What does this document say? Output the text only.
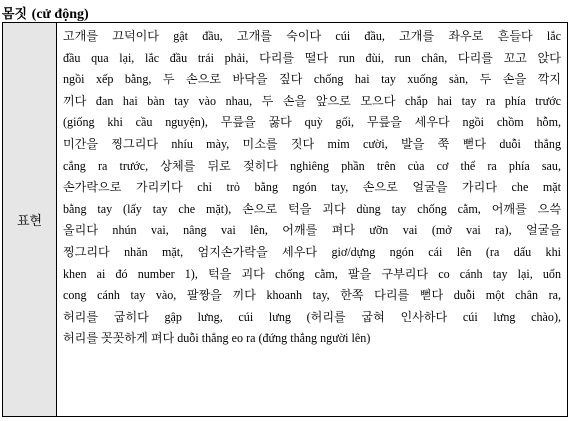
몸짓 (cử động)
표현
고개를 끄덕이다 gật đầu, 고개를 숙이다 cúi đầu, 고개를 좌우로 흔들다 lắc
đầu qua lại, lắc đầu trái phải, 다리를 떨다 run đùi, run chân, 다리를 꼬고 앉다
ngồi xếp bằng, 두 손으로 바닥을 짚다 chống hai tay xuống sàn, 두 손을 깍지
끼다 đan hai bàn tay vào nhau, 두 손을 앞으로 모으다 chắp hai tay ra phía trước
(giống khi cầu nguyện), 무릎을 꿇다 quỳ gối, 무릎을 세우다 ngồi chồm hỗm,
미간을 찡그리다 nhíu mày, 미소를 짓다 mỉm cười, 발을 쭉 뻗다 duỗi thẳng
cẳng ra trước, 상체를 뒤로 젖히다 nghiêng phần trên của cơ thể ra phía sau,
손가락으로 가리키다 chỉ trỏ bằng ngón tay, 손으로 얼굴을 가리다 che mặt
bằng tay (lấy tay che mặt), 손으로 턱을 괴다 dùng tay chống cằm, 어깨를 으쓱
올리다 nhún vai, nâng vai lên, 어깨를 펴다 ưỡn vai (mở vai ra), 얼굴을
찡그리다 nhăn mặt, 엄지손가락을 세우다 giơ/dựng ngón cái lên (ra dấu khi
khen ai đó number 1), 턱을 괴다 chống cằm, 팔을 구부리다 co cánh tay lại, uốn
cong cánh tay vào, 팔짱을 끼다 khoanh tay, 한쪽 다리를 뻗다 duỗi một chân ra,
허리를 굽히다 gập lưng, cúi lưng (허리를 굽혀 인사하다 cúi lưng chào),
허리를 꼿꼿하게 펴다 duỗi thẳng eo ra (đứng thẳng người lên)
